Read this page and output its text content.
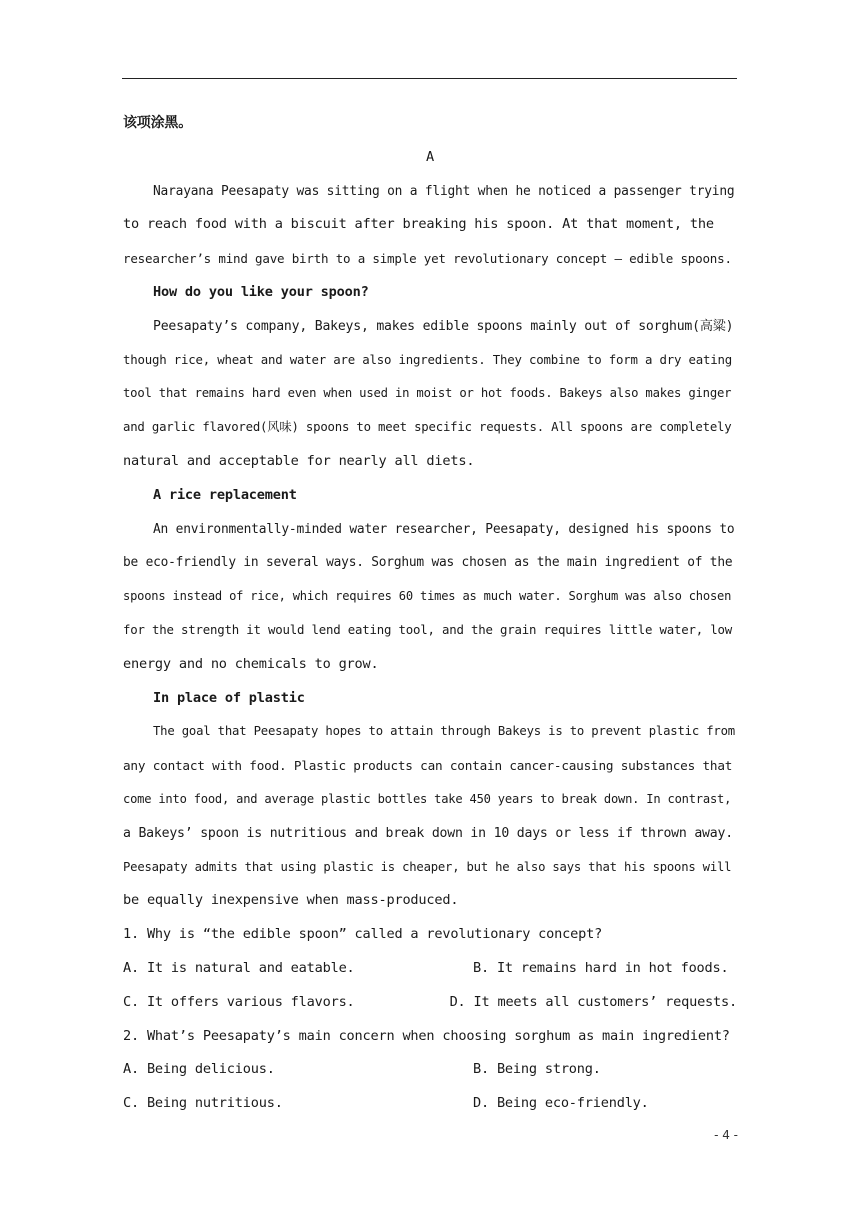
该项涂黑。
A
Narayana Peesapaty was sitting on a flight when he noticed a passenger trying
to reach food with a biscuit after breaking his spoon. At that moment, the
researcher’s mind gave birth to a simple yet revolutionary concept — edible spoons.
How do you like your spoon?
Peesapaty’s company, Bakeys, makes edible spoons mainly out of sorghum(高粱)
though rice, wheat and water are also ingredients. They combine to form a dry eating
tool that remains hard even when used in moist or hot foods. Bakeys also makes ginger
and garlic flavored(风味) spoons to meet specific requests. All spoons are completely
natural and acceptable for nearly all diets.
A rice replacement
An environmentally-minded water researcher, Peesapaty, designed his spoons to
be eco-friendly in several ways. Sorghum was chosen as the main ingredient of the
spoons instead of rice, which requires 60 times as much water. Sorghum was also chosen
for the strength it would lend eating tool, and the grain requires little water, low
energy and no chemicals to grow.
In place of plastic
The goal that Peesapaty hopes to attain through Bakeys is to prevent plastic from
any contact with food. Plastic products can contain cancer-causing substances that
come into food, and average plastic bottles take 450 years to break down. In contrast,
a Bakeys’ spoon is nutritious and break down in 10 days or less if thrown away.
Peesapaty admits that using plastic is cheaper, but he also says that his spoons will
be equally inexpensive when mass-produced.
1. Why is “the edible spoon” called a revolutionary concept?
A. It is natural and eatable.	B. It remains hard in hot foods.
C. It offers various flavors.	D. It meets all customers’ requests.
2. What’s Peesapaty’s main concern when choosing sorghum as main ingredient?
A. Being delicious.	B. Being strong.
C. Being nutritious.	D. Being eco-friendly.
- 4 -
